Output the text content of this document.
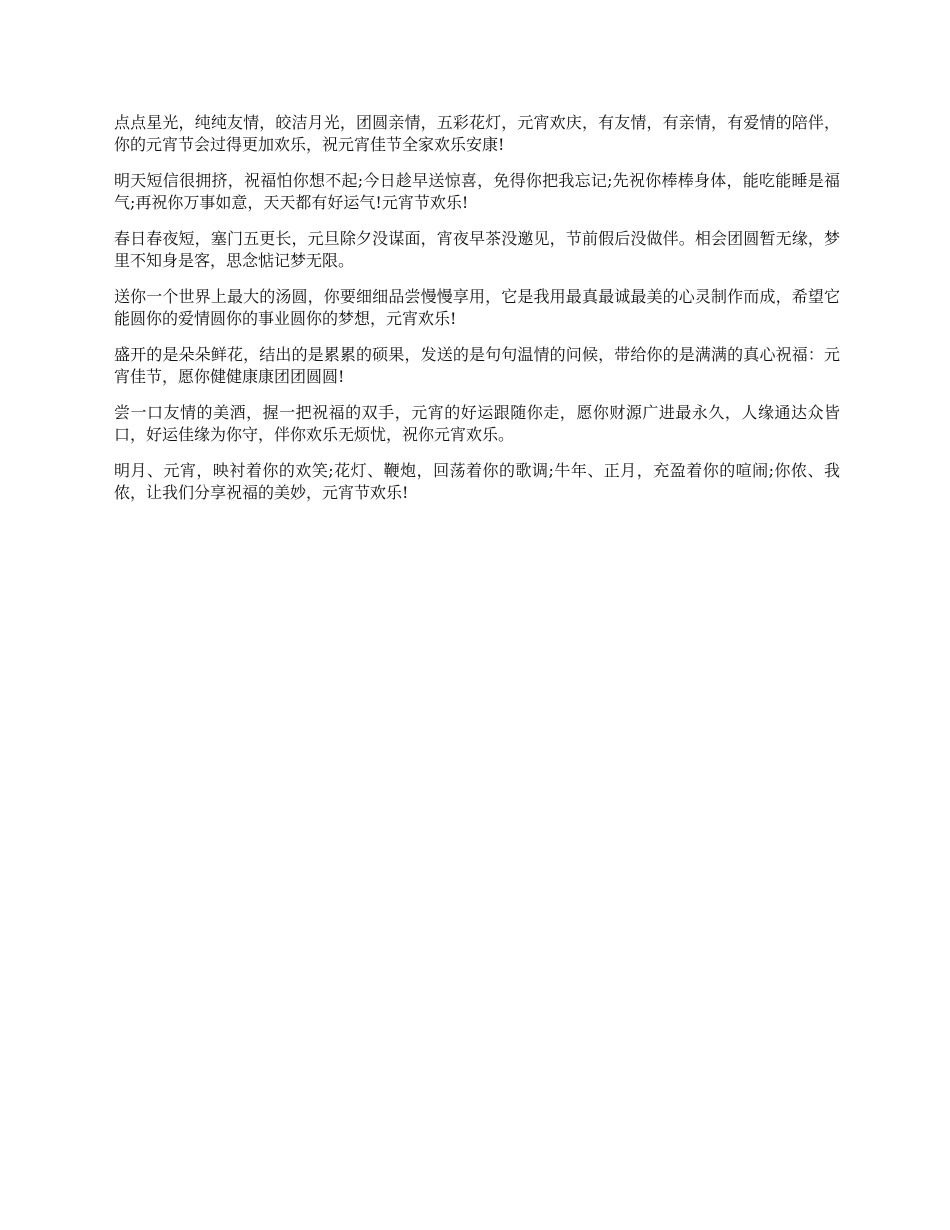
点点星光，纯纯友情，皎洁月光，团圆亲情，五彩花灯，元宵欢庆，有友情，有亲情，有爱情的陪伴，你的元宵节会过得更加欢乐，祝元宵佳节全家欢乐安康!

明天短信很拥挤，祝福怕你想不起;今日趁早送惊喜，免得你把我忘记;先祝你棒棒身体，能吃能睡是福气;再祝你万事如意，天天都有好运气!元宵节欢乐!

春日春夜短，塞门五更长，元旦除夕没谋面，宵夜早茶没邀见，节前假后没做伴。相会团圆暂无缘，梦里不知身是客，思念惦记梦无限。

送你一个世界上最大的汤圆，你要细细品尝慢慢享用，它是我用最真最诚最美的心灵制作而成，希望它能圆你的爱情圆你的事业圆你的梦想，元宵欢乐!

盛开的是朵朵鲜花，结出的是累累的硕果，发送的是句句温情的问候，带给你的是满满的真心祝福：元宵佳节，愿你健健康康团团圆圆!

尝一口友情的美酒，握一把祝福的双手，元宵的好运跟随你走，愿你财源广进最永久，人缘通达众皆口，好运佳缘为你守，伴你欢乐无烦忧，祝你元宵欢乐。

明月、元宵，映衬着你的欢笑;花灯、鞭炮，回荡着你的歌调;牛年、正月，充盈着你的喧闹;你侬、我侬，让我们分享祝福的美妙，元宵节欢乐!
